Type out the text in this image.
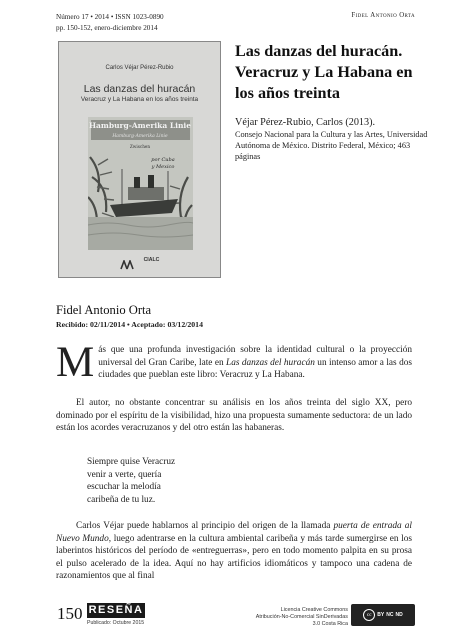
Número 17 • 2014 • ISSN 1023-0890
pp. 150-152, enero-diciembre 2014
Fidel Antonio Orta
Carlos Véjar Pérez-Rubio
Las danzas del huracán
Veracruz y La Habana en los años treinta
Hamburg-Amerika Linie
Hamburg-Amerika Linie
Zwischen
por Cuba
y Mexico
CIALC
Las danzas del huracán. Veracruz y La Habana en los años treinta
Véjar Pérez-Rubio, Carlos (2013).
Consejo Nacional para la Cultura y las Artes, Universidad Autónoma de México. Distrito Federal, México; 463 páginas
Fidel Antonio Orta
Recibido: 02/11/2014 • Aceptado: 03/12/2014
Más que una profunda investigación sobre la identidad cultural o la proyección universal del Gran Caribe, late en Las danzas del huracán un intenso amor a las dos ciudades que pueblan este libro: Veracruz y La Habana.
El autor, no obstante concentrar su análisis en los años treinta del siglo XX, pero dominado por el espíritu de la visibilidad, hizo una propuesta sumamente seductora: de un lado están los acordes veracruzanos y del otro están las habaneras.
Siempre quise Veracruz
venir a verte, quería
escuchar la melodía
caribeña de tu luz.
Carlos Véjar puede hablarnos al principio del origen de la llamada puerta de entrada al Nuevo Mundo, luego adentrarse en la cultura ambiental caribeña y más tarde sumergirse en los laberintos históricos del período de «entreguerras», pero en todo momento palpita en su prosa el pulso acelerado de la idea. Aquí no hay artificios idiomáticos y tampoco una cadena de razonamientos que al final
150 RESEÑA
Publicado: Octubre 2015
Licencia Creative Commons
Atribución-No-Comercial SinDerivadas
3.0 Costa Rica
cc	BY NC ND
